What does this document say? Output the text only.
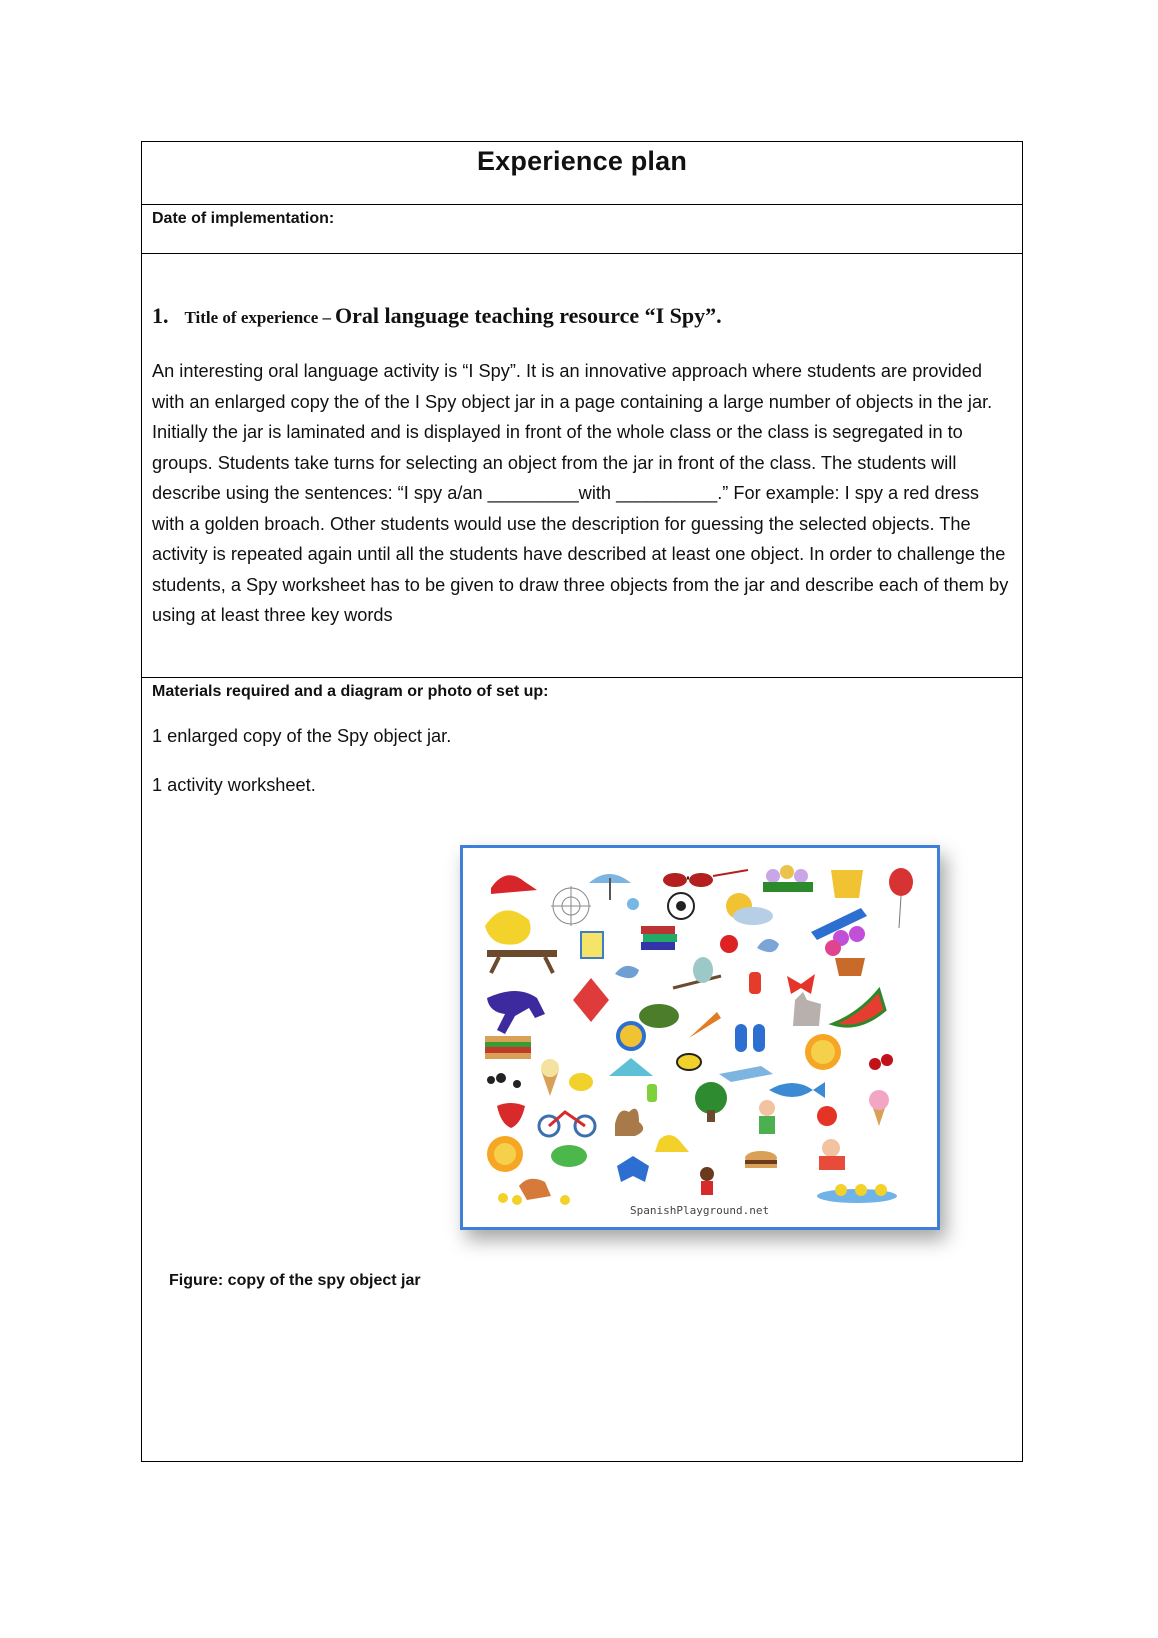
Experience plan
Date of implementation:
1. Title of experience – Oral language teaching resource “I Spy”.

An interesting oral language activity is “I Spy”. It is an innovative approach where students are provided with an enlarged copy the of the I Spy object jar in a page containing a large number of objects in the jar. Initially the jar is laminated and is displayed in front of the whole class or the class is segregated in to groups. Students take turns for selecting an object from the jar in front of the class. The students will describe using the sentences: “I spy a/an _________with __________.” For example: I spy a red dress with a golden broach. Other students would use the description for guessing the selected objects. The activity is repeated again until all the students have described at least one object. In order to challenge the students, a Spy worksheet has to be given to draw three objects from the jar and describe each of them by using at least three key words

Materials required and a diagram or photo of set up:
1 enlarged copy of the Spy object jar.
1 activity worksheet.
SpanishPlayground.net
Figure: copy of the spy object jar
